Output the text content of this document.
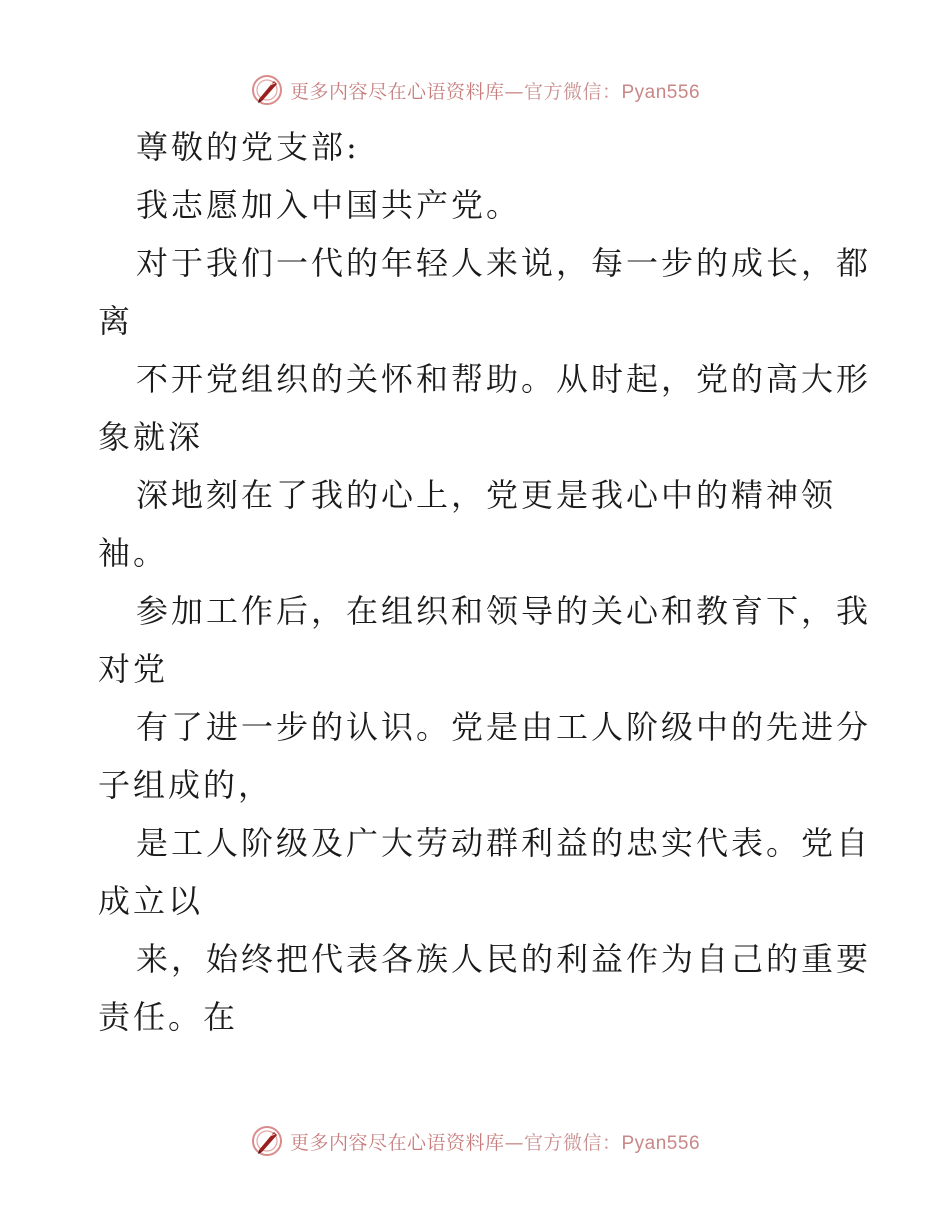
更多内容尽在心语资料库—官方微信：Pyan556
尊敬的党支部:
我志愿加入中国共产党。
对于我们一代的年轻人来说，每一步的成长，都
离
不开党组织的关怀和帮助。从时起，党的高大形
象就深
深地刻在了我的心上，党更是我心中的精神领
袖。
参加工作后，在组织和领导的关心和教育下，我
对党
有了进一步的认识。党是由工人阶级中的先进分
子组成的，
是工人阶级及广大劳动群利益的忠实代表。党自
成立以
来，始终把代表各族人民的利益作为自己的重要
责任。在
更多内容尽在心语资料库—官方微信：Pyan556
